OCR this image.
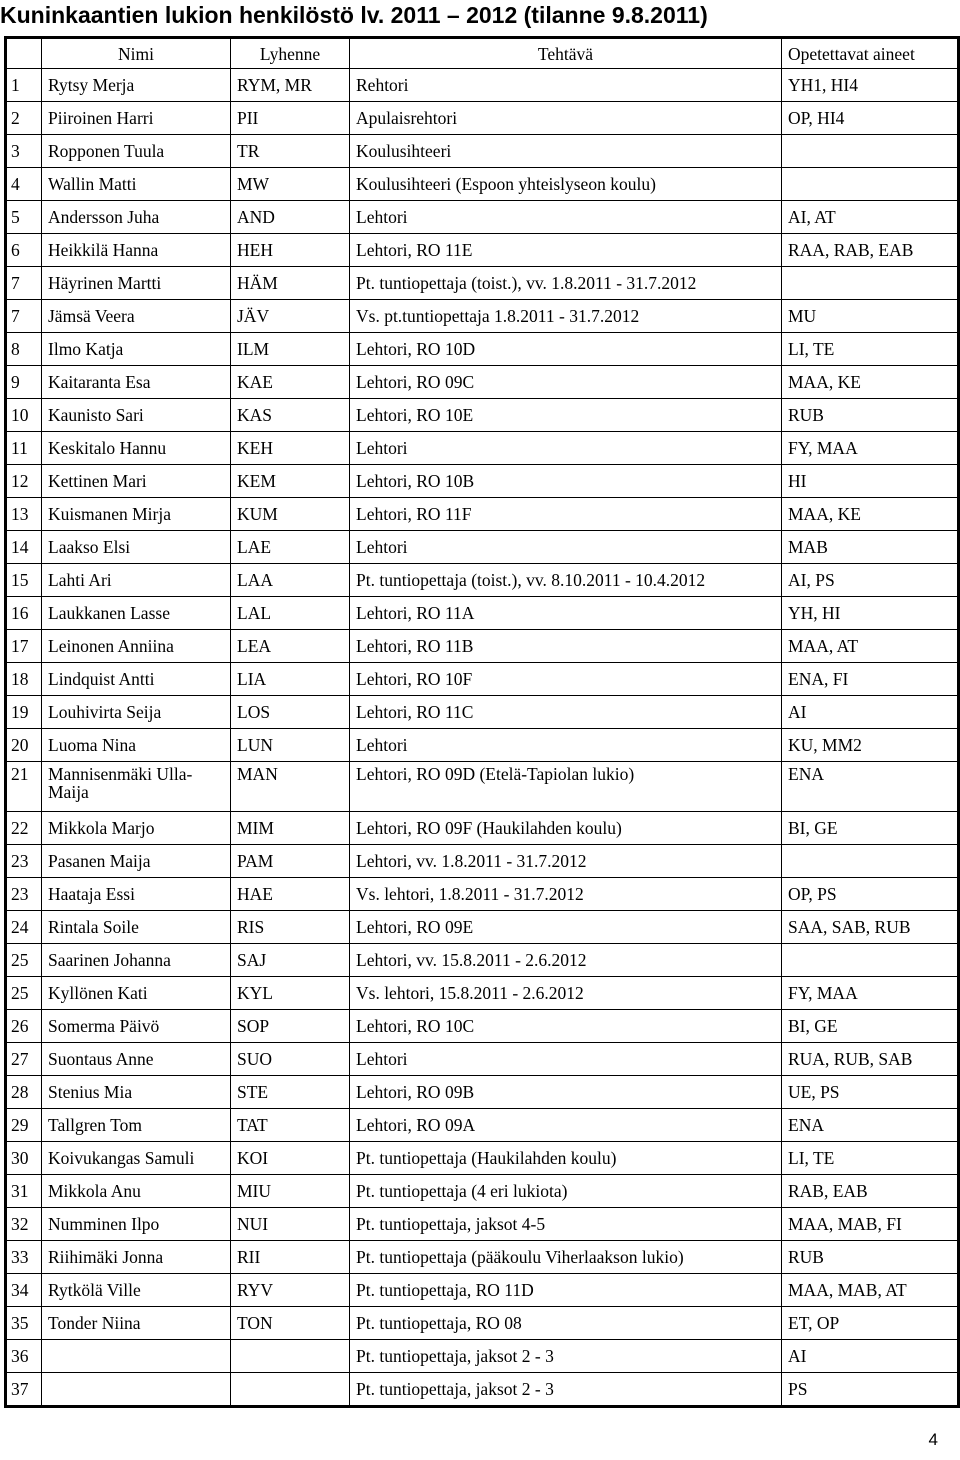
Kuninkaantien lukion henkilöstö lv. 2011 – 2012 (tilanne 9.8.2011)
	Nimi	Lyhenne	Tehtävä	Opetettavat aineet
1	Rytsy Merja	RYM, MR	Rehtori	YH1, HI4
2	Piiroinen Harri	PII	Apulaisrehtori	OP, HI4
3	Ropponen Tuula	TR	Koulusihteeri	
4	Wallin Matti	MW	Koulusihteeri (Espoon yhteislyseon koulu)	
5	Andersson Juha	AND	Lehtori	AI, AT
6	Heikkilä Hanna	HEH	Lehtori, RO 11E	RAA, RAB, EAB
7	Häyrinen Martti	HÄM	Pt. tuntiopettaja (toist.), vv. 1.8.2011 - 31.7.2012	
7	Jämsä Veera	JÄV	Vs. pt.tuntiopettaja 1.8.2011 - 31.7.2012	MU
8	Ilmo Katja	ILM	Lehtori, RO 10D	LI, TE
9	Kaitaranta Esa	KAE	Lehtori, RO 09C	MAA, KE
10	Kaunisto Sari	KAS	Lehtori, RO 10E	RUB
11	Keskitalo Hannu	KEH	Lehtori	FY, MAA
12	Kettinen Mari	KEM	Lehtori, RO 10B	HI
13	Kuismanen Mirja	KUM	Lehtori, RO 11F	MAA, KE
14	Laakso Elsi	LAE	Lehtori	MAB
15	Lahti Ari	LAA	Pt. tuntiopettaja (toist.), vv. 8.10.2011 - 10.4.2012	AI, PS
16	Laukkanen Lasse	LAL	Lehtori, RO 11A	YH, HI
17	Leinonen Anniina	LEA	Lehtori, RO 11B	MAA, AT
18	Lindquist Antti	LIA	Lehtori, RO 10F	ENA, FI
19	Louhivirta Seija	LOS	Lehtori, RO 11C	AI
20	Luoma Nina	LUN	Lehtori	KU, MM2
21	Mannisenmäki Ulla-Maija	MAN	Lehtori, RO 09D (Etelä-Tapiolan lukio)	ENA
22	Mikkola Marjo	MIM	Lehtori, RO 09F (Haukilahden koulu)	BI, GE
23	Pasanen Maija	PAM	Lehtori, vv. 1.8.2011 - 31.7.2012	
23	Haataja Essi	HAE	Vs. lehtori, 1.8.2011 - 31.7.2012	OP, PS
24	Rintala Soile	RIS	Lehtori, RO 09E	SAA, SAB, RUB
25	Saarinen Johanna	SAJ	Lehtori, vv. 15.8.2011 - 2.6.2012	
25	Kyllönen Kati	KYL	Vs. lehtori, 15.8.2011 - 2.6.2012	FY, MAA
26	Somerma Päivö	SOP	Lehtori, RO 10C	BI, GE
27	Suontaus Anne	SUO	Lehtori	RUA, RUB, SAB
28	Stenius Mia	STE	Lehtori, RO 09B	UE, PS
29	Tallgren Tom	TAT	Lehtori, RO 09A	ENA
30	Koivukangas Samuli	KOI	Pt. tuntiopettaja (Haukilahden koulu)	LI, TE
31	Mikkola Anu	MIU	Pt. tuntiopettaja (4 eri lukiota)	RAB, EAB
32	Numminen Ilpo	NUI	Pt. tuntiopettaja, jaksot 4-5	MAA, MAB, FI
33	Riihimäki Jonna	RII	Pt. tuntiopettaja (pääkoulu Viherlaakson lukio)	RUB
34	Rytkölä Ville	RYV	Pt. tuntiopettaja, RO 11D	MAA, MAB, AT
35	Tonder Niina	TON	Pt. tuntiopettaja, RO 08	ET, OP
36			Pt. tuntiopettaja, jaksot 2 - 3	AI
37			Pt. tuntiopettaja, jaksot 2 - 3	PS
4
